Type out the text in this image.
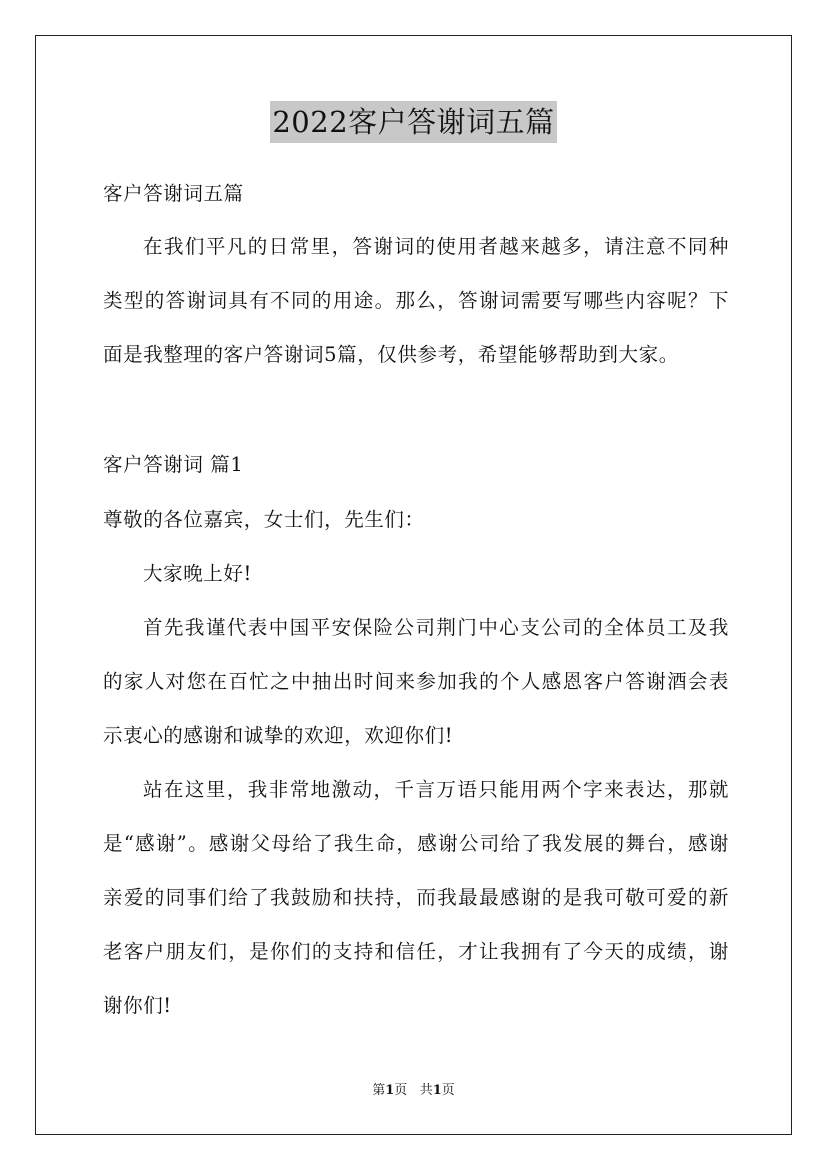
2022客户答谢词五篇
客户答谢词五篇
在我们平凡的日常里，答谢词的使用者越来越多，请注意不同种
类型的答谢词具有不同的用途。那么，答谢词需要写哪些内容呢？下
面是我整理的客户答谢词5篇，仅供参考，希望能够帮助到大家。
客户答谢词 篇1
尊敬的各位嘉宾，女士们，先生们：
大家晚上好!
首先我谨代表中国平安保险公司荆门中心支公司的全体员工及我
的家人对您在百忙之中抽出时间来参加我的个人感恩客户答谢酒会表
示衷心的感谢和诚挚的欢迎，欢迎你们!
站在这里，我非常地激动，千言万语只能用两个字来表达，那就
是“感谢”。感谢父母给了我生命，感谢公司给了我发展的舞台，感谢
亲爱的同事们给了我鼓励和扶持，而我最最感谢的是我可敬可爱的新
老客户朋友们，是你们的支持和信任，才让我拥有了今天的成绩，谢
谢你们!
第1页 共1页
